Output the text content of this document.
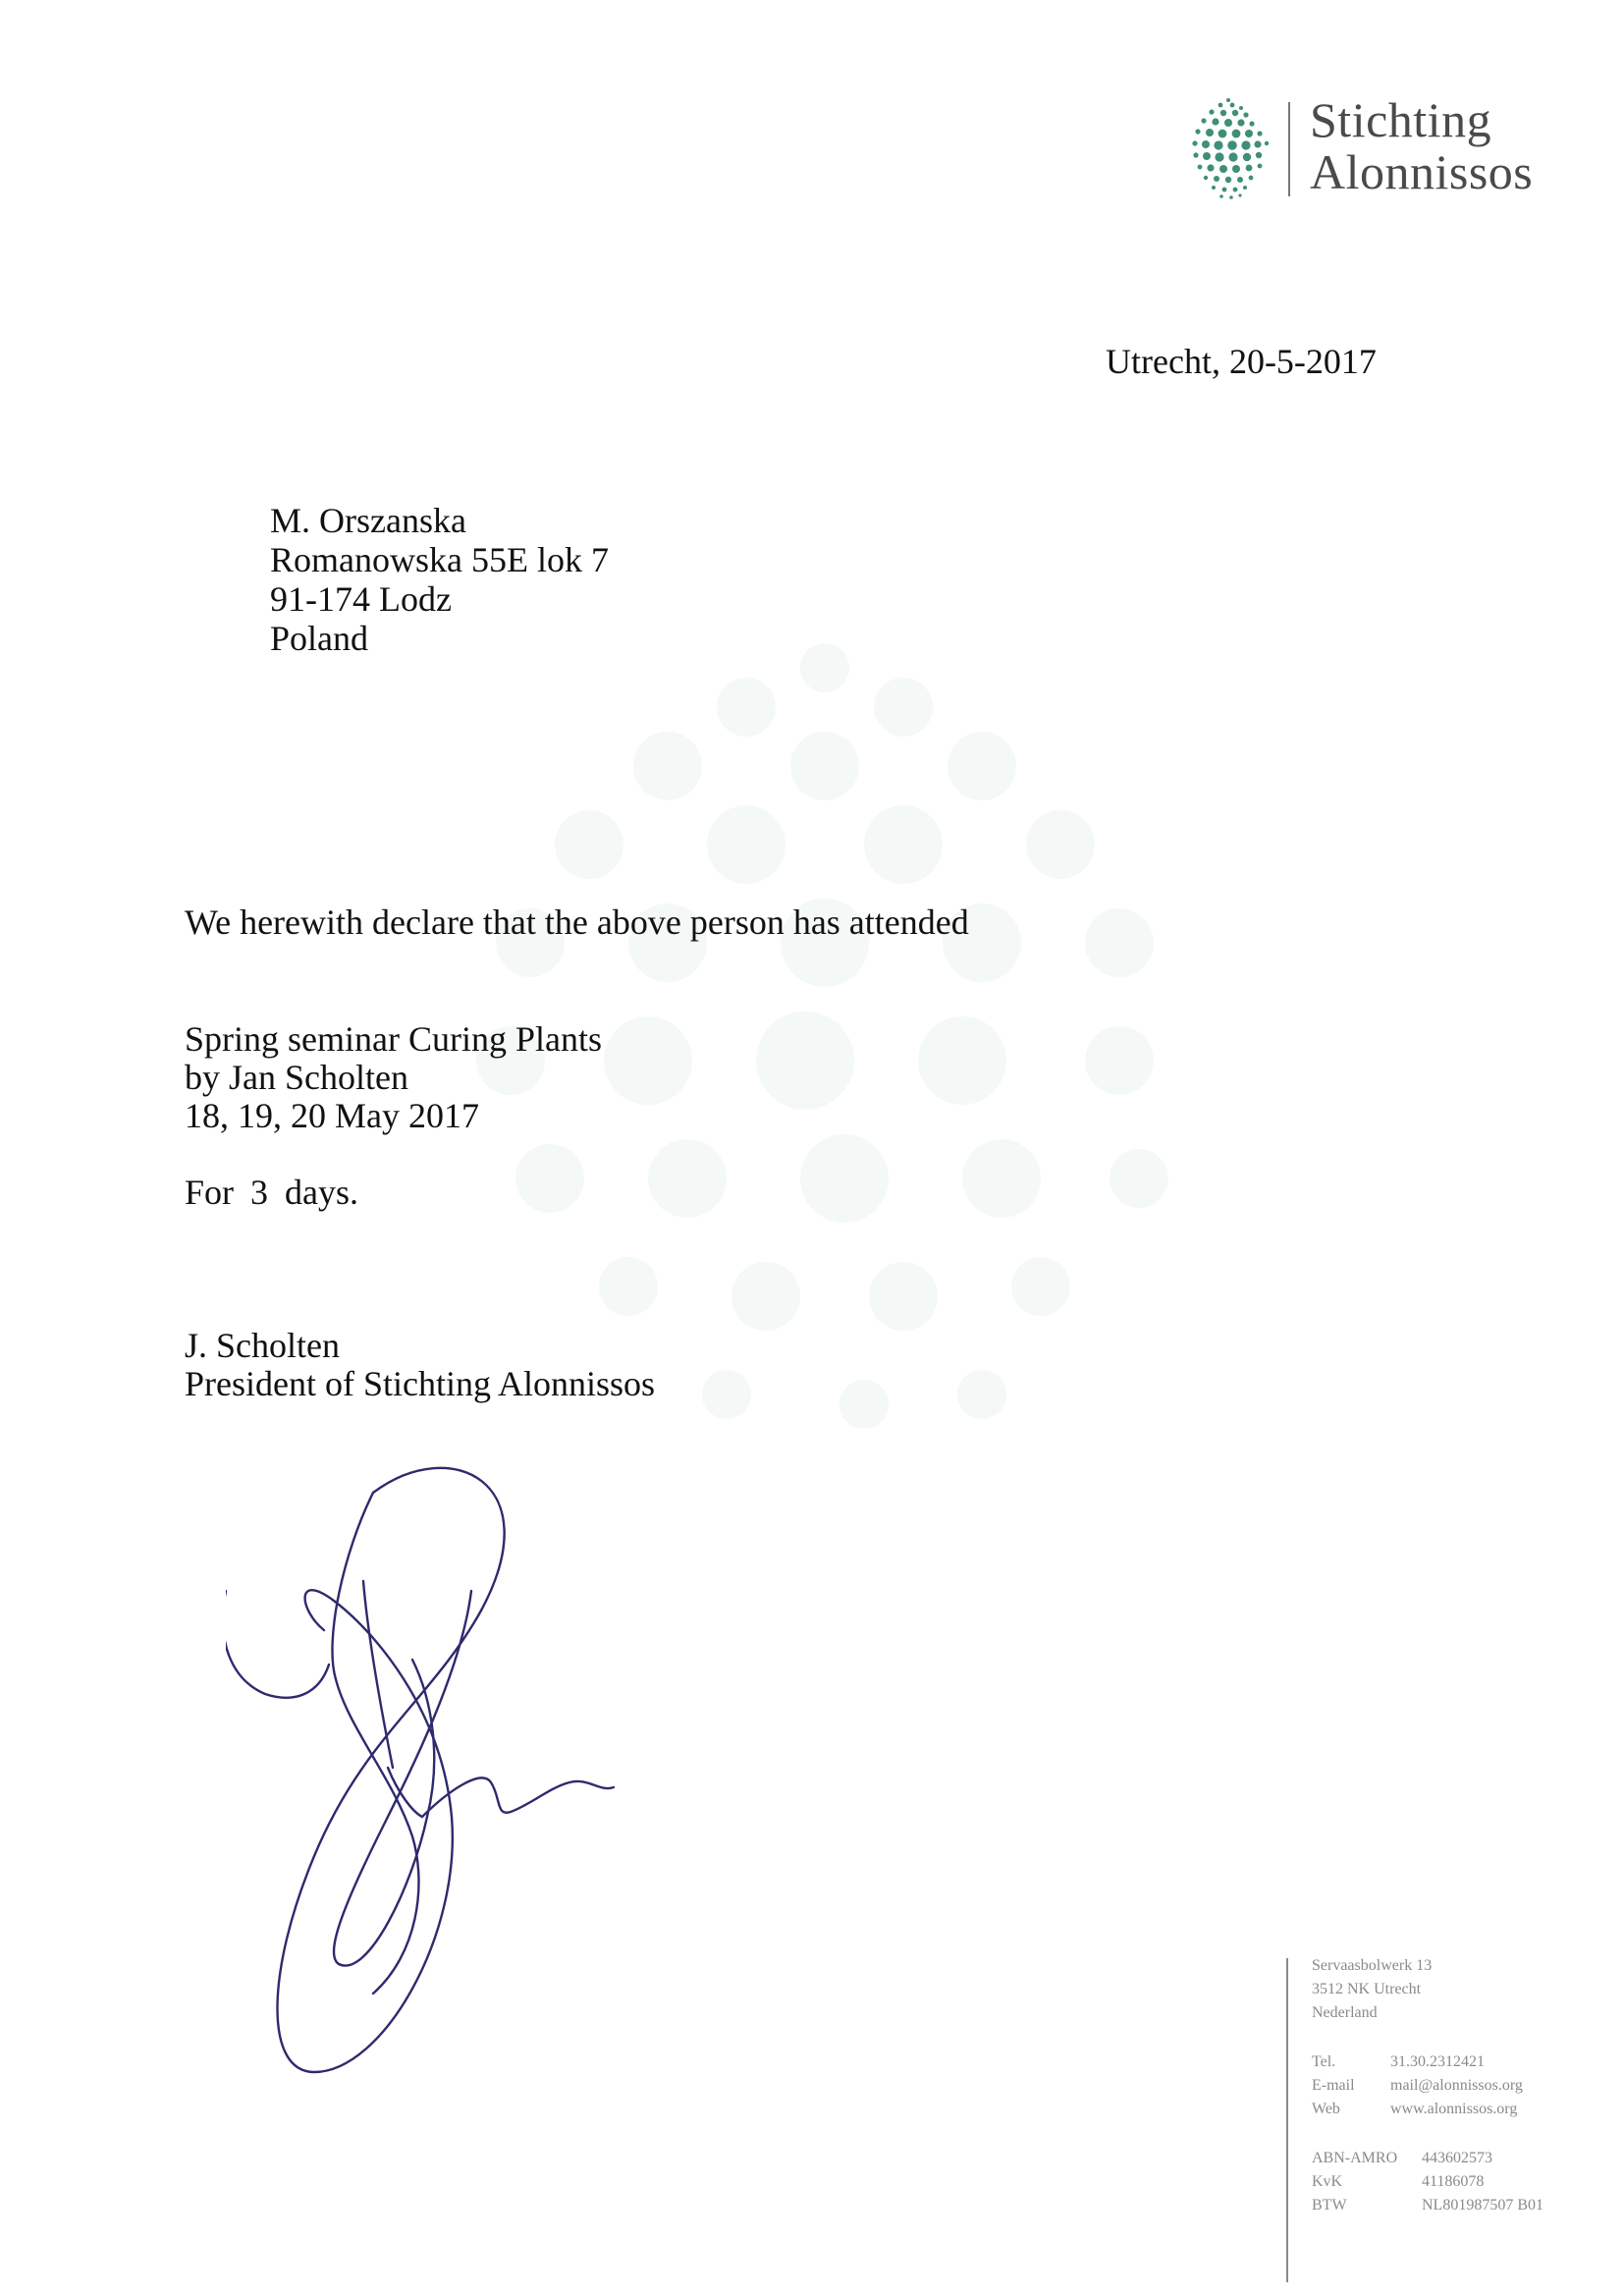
Stichting
Alonnissos
Utrecht, 20-5-2017
M. Orszanska
Romanowska 55E lok 7
91-174 Lodz
Poland
We herewith declare that the above person has attended
Spring seminar Curing Plants
by Jan Scholten
18, 19, 20 May 2017
For 3 days.
J. Scholten
President of Stichting Alonnissos
Servaasbolwerk 13
3512 NK Utrecht
Nederland
Tel.	31.30.2312421
E-mail	mail@alonnissos.org
Web	www.alonnissos.org
ABN-AMRO	443602573
KvK	41186078
BTW	NL801987507 B01
